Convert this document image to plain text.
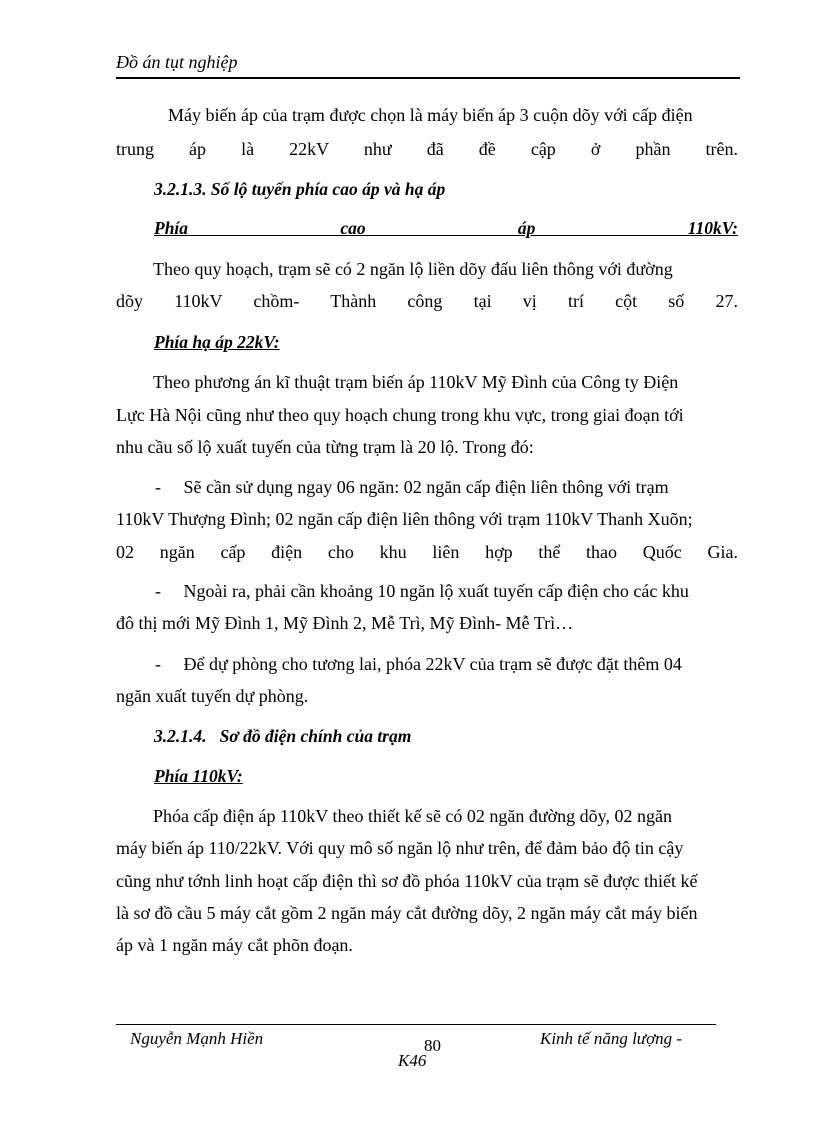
Đồ án tụt nghiệp
Máy biến áp của trạm được chọn là máy biến áp 3 cuộn dõy với cấp điện
trung áp là 22kV như đã đề cập ở phần trên.
3.2.1.3. Số lộ tuyến phía cao áp và hạ áp
Phía cao áp 110kV:
Theo quy hoạch, trạm sẽ có 2 ngăn lộ liền dõy đấu liên thông với đường
dõy 110kV chồm- Thành công tại vị trí cột số 27.
Phía hạ áp 22kV:
Theo phương án kĩ thuật trạm biến áp 110kV Mỹ Đình của Công ty Điện
Lực Hà Nội cũng như theo quy hoạch chung trong khu vực, trong giai đoạn tới
nhu cầu số lộ xuất tuyến của từng trạm là 20 lộ. Trong đó:
-     Sẽ cần sử dụng ngay 06 ngăn: 02 ngăn cấp điện liên thông với trạm
110kV Thượng Đình; 02 ngăn cấp điện liên thông với trạm 110kV Thanh Xuõn;
02 ngăn cấp điện cho khu liên hợp thể thao Quốc Gia.
-     Ngoài ra, phải cần khoảng 10 ngăn lộ xuất tuyến cấp điện cho các khu
đô thị mới Mỹ Đình 1, Mỹ Đình 2, Mễ Trì, Mỹ Đình- Mễ Trì…
-     Để dự phòng cho tương lai, phóa 22kV của trạm sẽ được đặt thêm 04
ngăn xuất tuyến dự phòng.
3.2.1.4.   Sơ đồ điện chính của trạm
Phía 110kV:
Phóa cấp điện áp 110kV theo thiết kế sẽ có 02 ngăn đường dõy, 02 ngăn
máy biến áp 110/22kV. Với quy mô số ngăn lộ như trên, để đảm bảo độ tin cậy
cũng như tớnh linh hoạt cấp điện thì sơ đồ phóa 110kV của trạm sẽ được thiết kế
là sơ đồ cầu 5 máy cắt gồm 2 ngăn máy cắt đường dõy, 2 ngăn máy cắt máy biến
áp và 1 ngăn máy cắt phõn đoạn.
Nguyễn Mạnh Hiền	80	Kinh tế năng lượng -
K46
